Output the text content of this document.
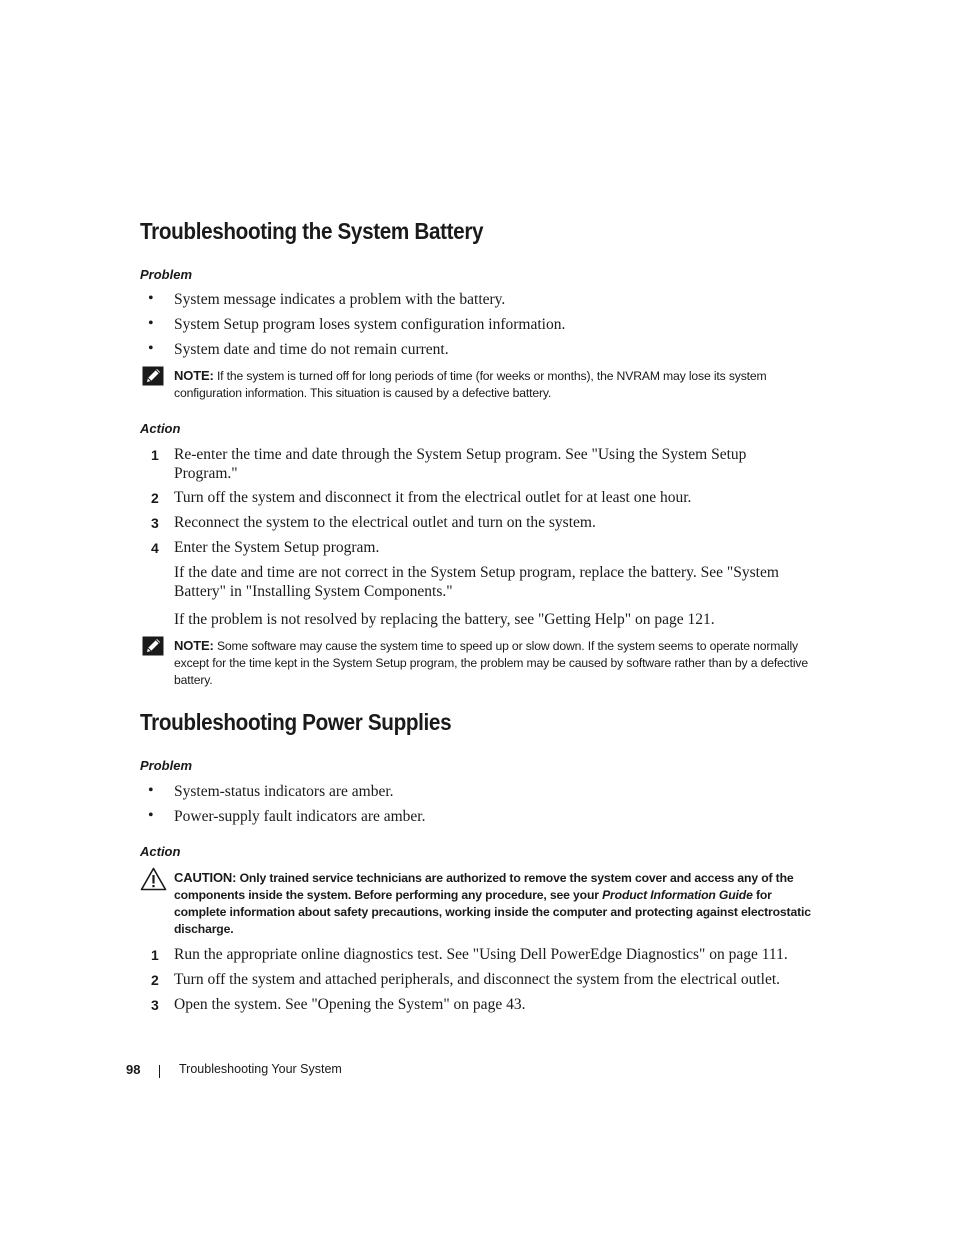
Troubleshooting the System Battery
Problem
• System message indicates a problem with the battery.

• System Setup program loses system configuration information.

• System date and time do not remain current.

NOTE: If the system is turned off for long periods of time (for weeks or months), the NVRAM may lose its system configuration information. This situation is caused by a defective battery.

Action
1 Re-enter the time and date through the System Setup program. See "Using the System Setup Program."

2 Turn off the system and disconnect it from the electrical outlet for at least one hour.

3 Reconnect the system to the electrical outlet and turn on the system.

4 Enter the System Setup program.

If the date and time are not correct in the System Setup program, replace the battery. See "System Battery" in "Installing System Components."

If the problem is not resolved by replacing the battery, see "Getting Help" on page 121.

NOTE: Some software may cause the system time to speed up or slow down. If the system seems to operate normally except for the time kept in the System Setup program, the problem may be caused by software rather than by a defective battery.

Troubleshooting Power Supplies
Problem
• System-status indicators are amber.

• Power-supply fault indicators are amber.

Action

CAUTION: Only trained service technicians are authorized to remove the system cover and access any of the components inside the system. Before performing any procedure, see your Product Information Guide for complete information about safety precautions, working inside the computer and protecting against electrostatic discharge.

1 Run the appropriate online diagnostics test. See "Using Dell PowerEdge Diagnostics" on page 111.

2 Turn off the system and attached peripherals, and disconnect the system from the electrical outlet.

3 Open the system. See "Opening the System" on page 43.

98	Troubleshooting Your System
